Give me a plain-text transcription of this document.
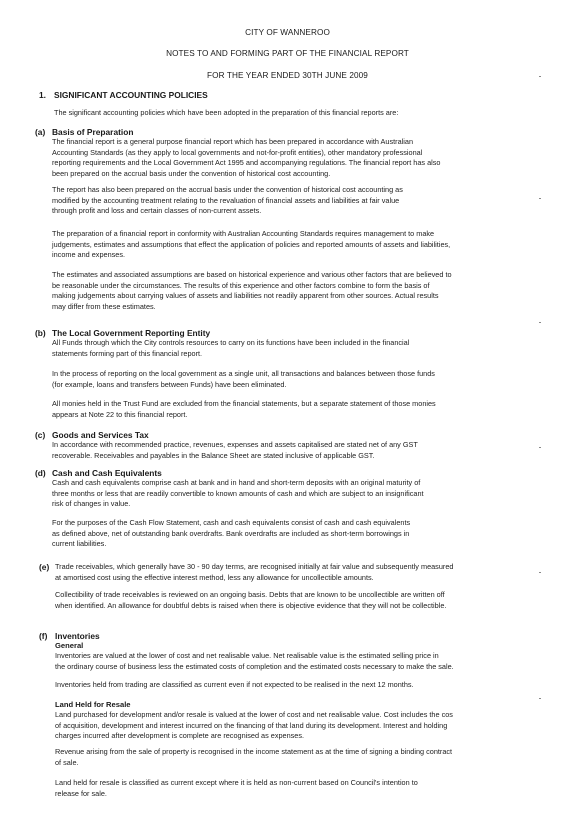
CITY OF WANNEROO
NOTES TO AND FORMING PART OF THE FINANCIAL REPORT
FOR THE YEAR ENDED 30TH JUNE 2009
1. SIGNIFICANT ACCOUNTING POLICIES
The significant accounting policies which have been adopted in the preparation of this financial reports are:
(a) Basis of Preparation
The financial report is a general purpose financial report which has been prepared in accordance with Australian
Accounting Standards (as they apply to local governments and not-for-profit entities), other mandatory professional
reporting requirements and the Local Government Act 1995 and accompanying regulations. The financial report has also
been prepared on the accrual basis under the convention of historical cost accounting.
The report has also been prepared on the accrual basis under the convention of historical cost accounting as
modified by the accounting treatment relating to the revaluation of financial assets and liabilities at fair value
through profit and loss and certain classes of non-current assets.
The preparation of a financial report in conformity with Australian Accounting Standards requires management to make
judgements, estimates and assumptions that effect the application of policies and reported amounts of assets and liabilities,
income and expenses.
The estimates and associated assumptions are based on historical experience and various other factors that are believed to
be reasonable under the circumstances. The results of this experience and other factors combine to form the basis of
making judgements about carrying values of assets and liabilities not readily apparent from other sources. Actual results
may differ from these estimates.
(b) The Local Government Reporting Entity
All Funds through which the City controls resources to carry on its functions have been included in the financial
statements forming part of this financial report.
In the process of reporting on the local government as a single unit, all transactions and balances between those funds
(for example, loans and transfers between Funds) have been eliminated.
All monies held in the Trust Fund are excluded from the financial statements, but a separate statement of those monies
appears at Note 22 to this financial report.
(c) Goods and Services Tax
In accordance with recommended practice, revenues, expenses and assets capitalised are stated net of any GST
recoverable. Receivables and payables in the Balance Sheet are stated inclusive of applicable GST.
(d) Cash and Cash Equivalents
Cash and cash equivalents comprise cash at bank and in hand and short-term deposits with an original maturity of
three months or less that are readily convertible to known amounts of cash and which are subject to an insignificant
risk of changes in value.
For the purposes of the Cash Flow Statement, cash and cash equivalents consist of cash and cash equivalents
as defined above, net of outstanding bank overdrafts. Bank overdrafts are included as short-term borrowings in
current liabilities.
(e) Trade receivables, which generally have 30 - 90 day terms, are recognised initially at fair value and subsequently measured
at amortised cost using the effective interest method, less any allowance for uncollectible amounts.
Collectibility of trade receivables is reviewed on an ongoing basis. Debts that are known to be uncollectible are written off
when identified. An allowance for doubtful debts is raised when there is objective evidence that they will not be collectible.
(f) Inventories
General
Inventories are valued at the lower of cost and net realisable value. Net realisable value is the estimated selling price in
the ordinary course of business less the estimated costs of completion and the estimated costs necessary to make the sale.
Inventories held from trading are classified as current even if not expected to be realised in the next 12 months.
Land Held for Resale
Land purchased for development and/or resale is valued at the lower of cost and net realisable value. Cost includes the cos
of acquisition, development and interest incurred on the financing of that land during its development. Interest and holding
charges incurred after development is complete are recognised as expenses.
Revenue arising from the sale of property is recognised in the income statement as at the time of signing a binding contract
of sale.
Land held for resale is classified as current except where it is held as non-current based on Council's intention to
release for sale.
